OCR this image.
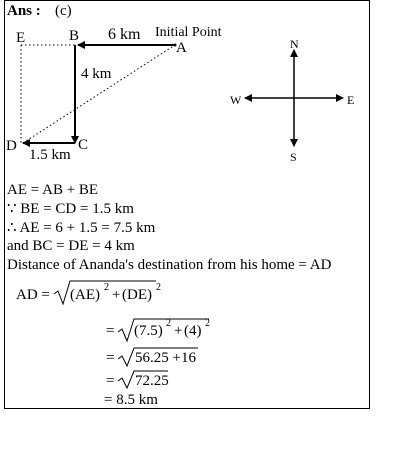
Ans : (c)
E	B
A
D	C
Initial Point
6 km
4 km
1.5 km
N
S
E
W
AE = AB + BE
∵ BE = CD = 1.5 km
∴ AE = 6 + 1.5 = 7.5 km
and BC = DE = 4 km
Distance of Ananda's destination from his home = AD
AD = (AE) 2 + (DE) 2
= (7.5) 2 + (4) 2
= 56.25 +16
= 72.25
= 8.5 km
